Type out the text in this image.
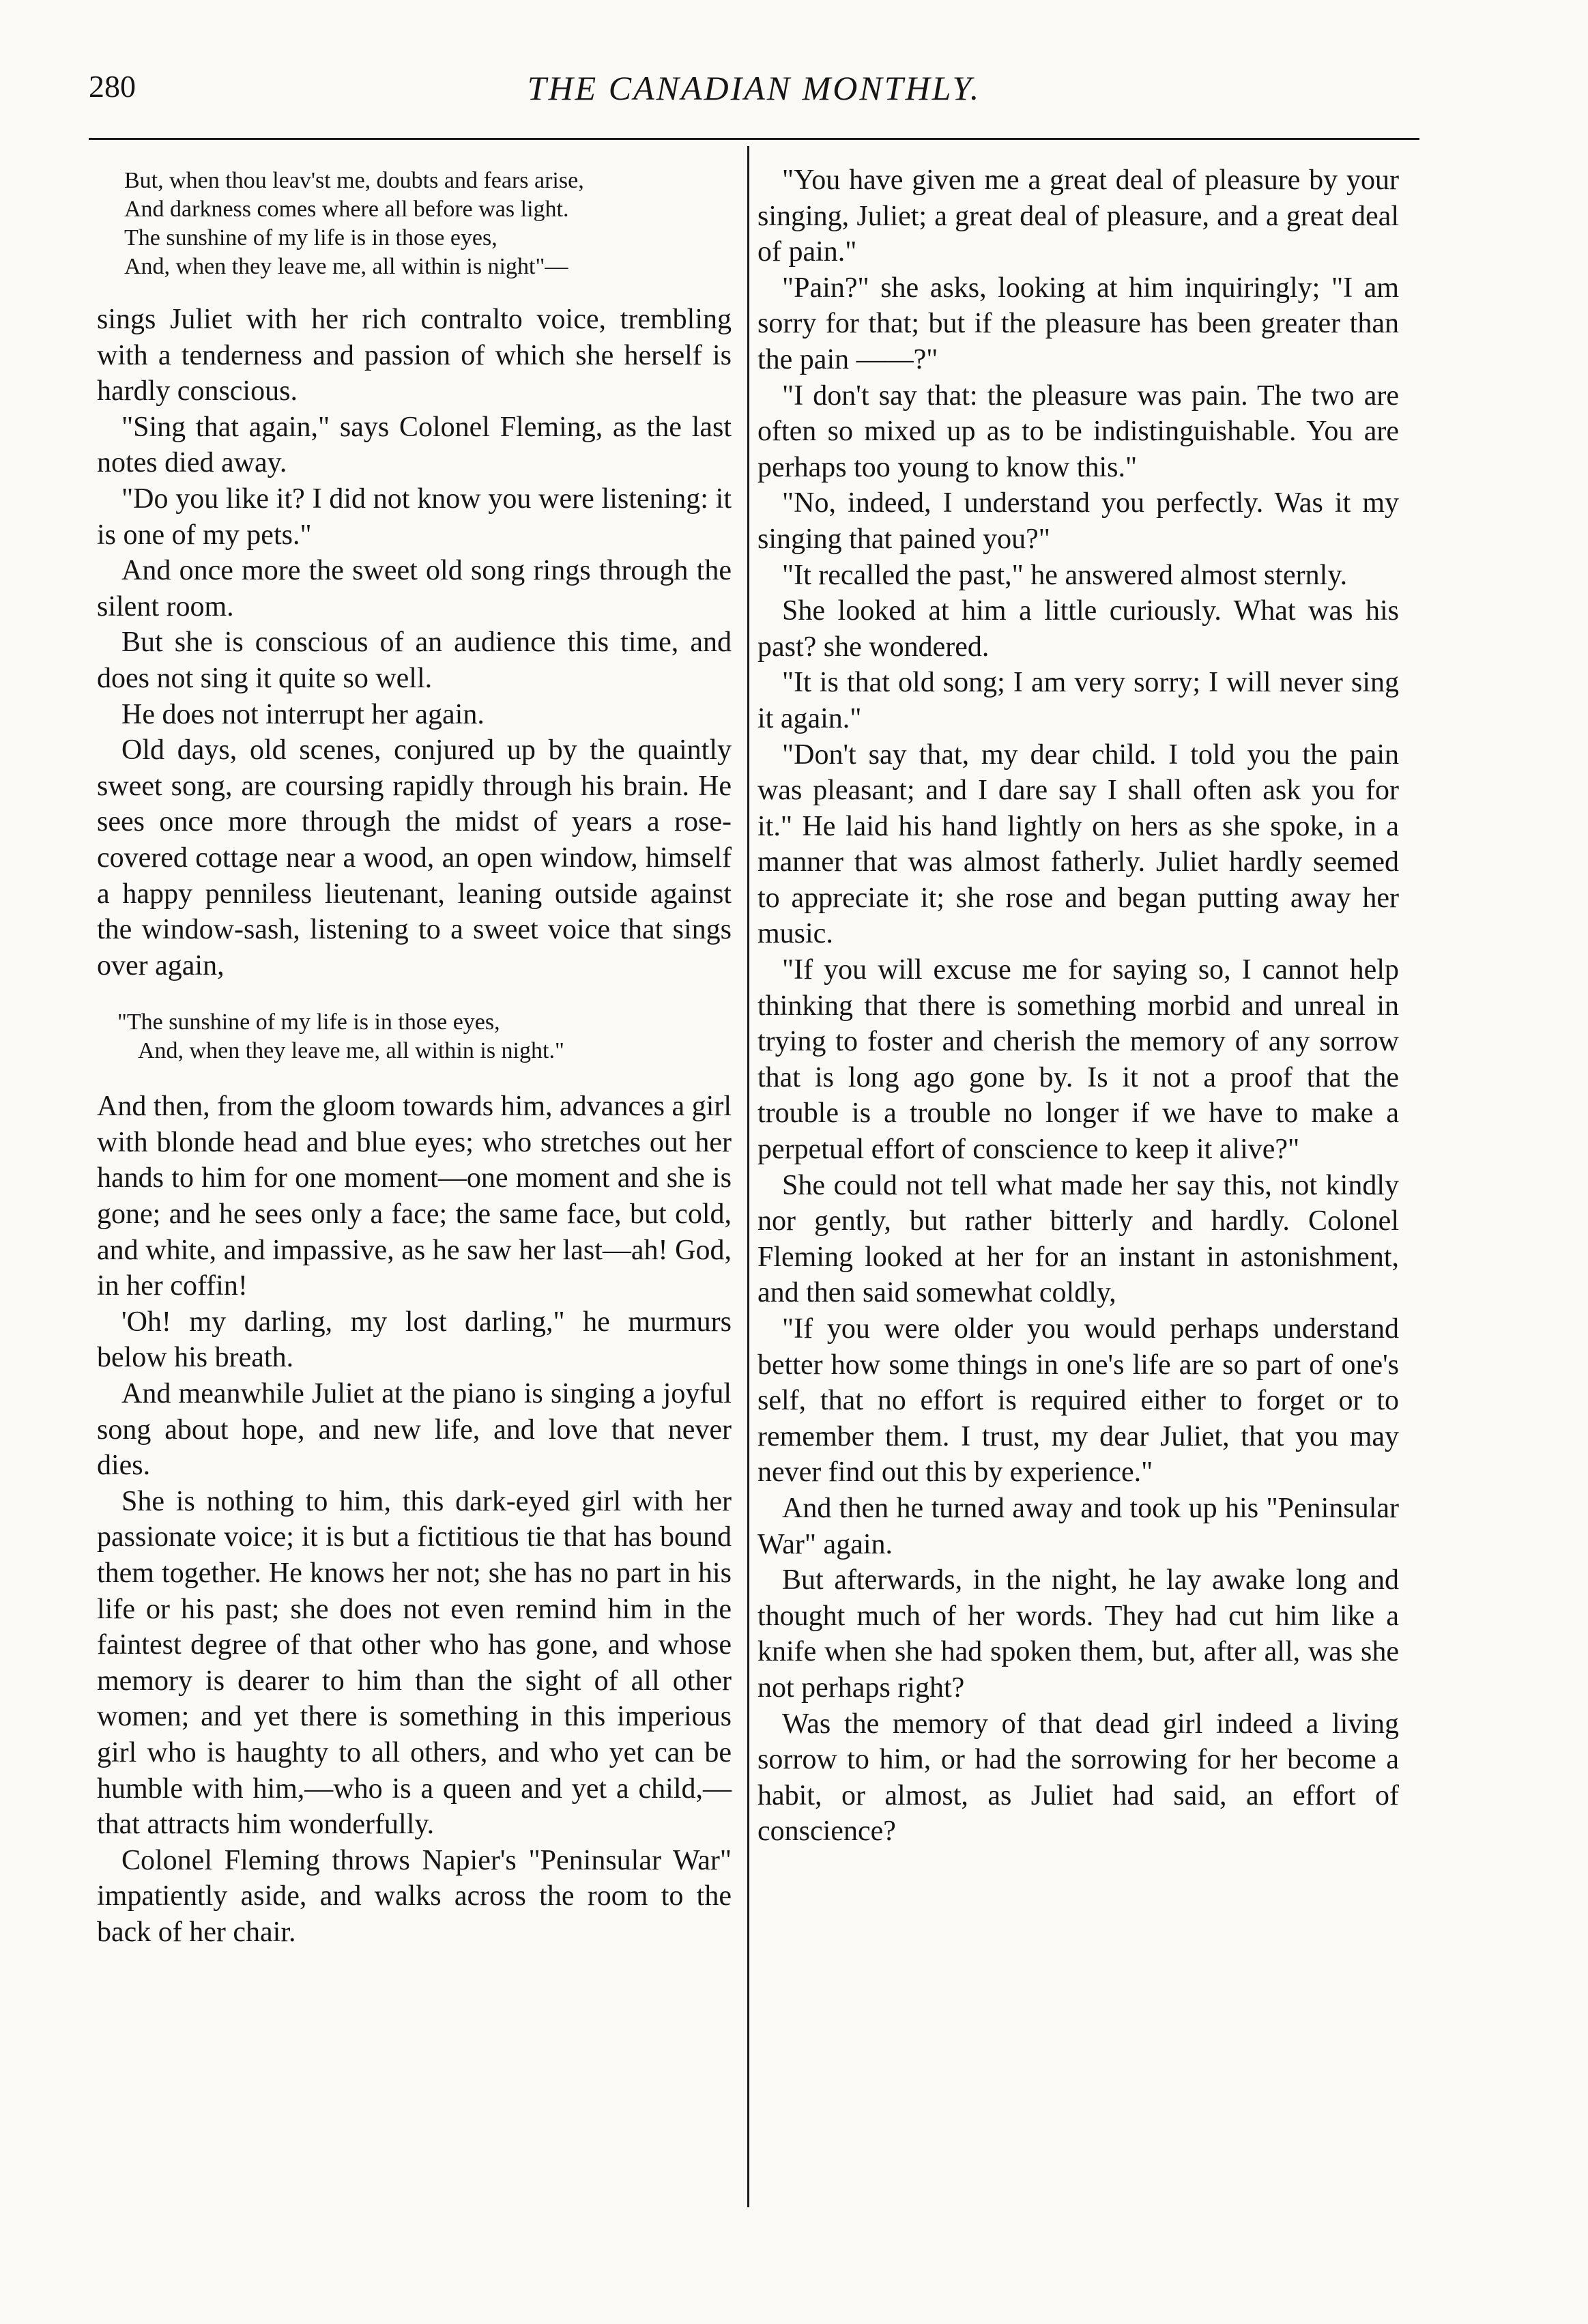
280	THE CANADIAN MONTHLY.
But, when thou leav'st me, doubts and fears arise,
And darkness comes where all before was light.
The sunshine of my life is in those eyes,
And, when they leave me, all within is night"—

sings Juliet with her rich contralto voice, trembling with a tenderness and passion of which she herself is hardly conscious.

"Sing that again," says Colonel Fleming, as the last notes died away.

"Do you like it? I did not know you were listening: it is one of my pets."

And once more the sweet old song rings through the silent room.

But she is conscious of an audience this time, and does not sing it quite so well.

He does not interrupt her again.

Old days, old scenes, conjured up by the quaintly sweet song, are coursing rapidly through his brain. He sees once more through the midst of years a rose-covered cottage near a wood, an open window, himself a happy penniless lieutenant, leaning outside against the window-sash, listening to a sweet voice that sings over again,

"The sunshine of my life is in those eyes,
And, when they leave me, all within is night."

And then, from the gloom towards him, advances a girl with blonde head and blue eyes; who stretches out her hands to him for one moment—one moment and she is gone; and he sees only a face; the same face, but cold, and white, and impassive, as he saw her last—ah! God, in her coffin!

'Oh! my darling, my lost darling," he murmurs below his breath.

And meanwhile Juliet at the piano is singing a joyful song about hope, and new life, and love that never dies.

She is nothing to him, this dark-eyed girl with her passionate voice; it is but a fictitious tie that has bound them together. He knows her not; she has no part in his life or his past; she does not even remind him in the faintest degree of that other who has gone, and whose memory is dearer to him than the sight of all other women; and yet there is something in this imperious girl who is haughty to all others, and who yet can be humble with him,—who is a queen and yet a child,—that attracts him wonderfully.

Colonel Fleming throws Napier's "Peninsular War" impatiently aside, and walks across the room to the back of her chair.

"You have given me a great deal of pleasure by your singing, Juliet; a great deal of pleasure, and a great deal of pain."

"Pain?" she asks, looking at him inquiringly; "I am sorry for that; but if the pleasure has been greater than the pain ——?"

"I don't say that: the pleasure was pain. The two are often so mixed up as to be indistinguishable. You are perhaps too young to know this."

"No, indeed, I understand you perfectly. Was it my singing that pained you?"

"It recalled the past," he answered almost sternly.

She looked at him a little curiously. What was his past? she wondered.

"It is that old song; I am very sorry; I will never sing it again."

"Don't say that, my dear child. I told you the pain was pleasant; and I dare say I shall often ask you for it." He laid his hand lightly on hers as she spoke, in a manner that was almost fatherly. Juliet hardly seemed to appreciate it; she rose and began putting away her music.

"If you will excuse me for saying so, I cannot help thinking that there is something morbid and unreal in trying to foster and cherish the memory of any sorrow that is long ago gone by. Is it not a proof that the trouble is a trouble no longer if we have to make a perpetual effort of conscience to keep it alive?"

She could not tell what made her say this, not kindly nor gently, but rather bitterly and hardly. Colonel Fleming looked at her for an instant in astonishment, and then said somewhat coldly,

"If you were older you would perhaps understand better how some things in one's life are so part of one's self, that no effort is required either to forget or to remember them. I trust, my dear Juliet, that you may never find out this by experience."

And then he turned away and took up his "Peninsular War" again.

But afterwards, in the night, he lay awake long and thought much of her words. They had cut him like a knife when she had spoken them, but, after all, was she not perhaps right?

Was the memory of that dead girl indeed a living sorrow to him, or had the sorrowing for her become a habit, or almost, as Juliet had said, an effort of conscience?
